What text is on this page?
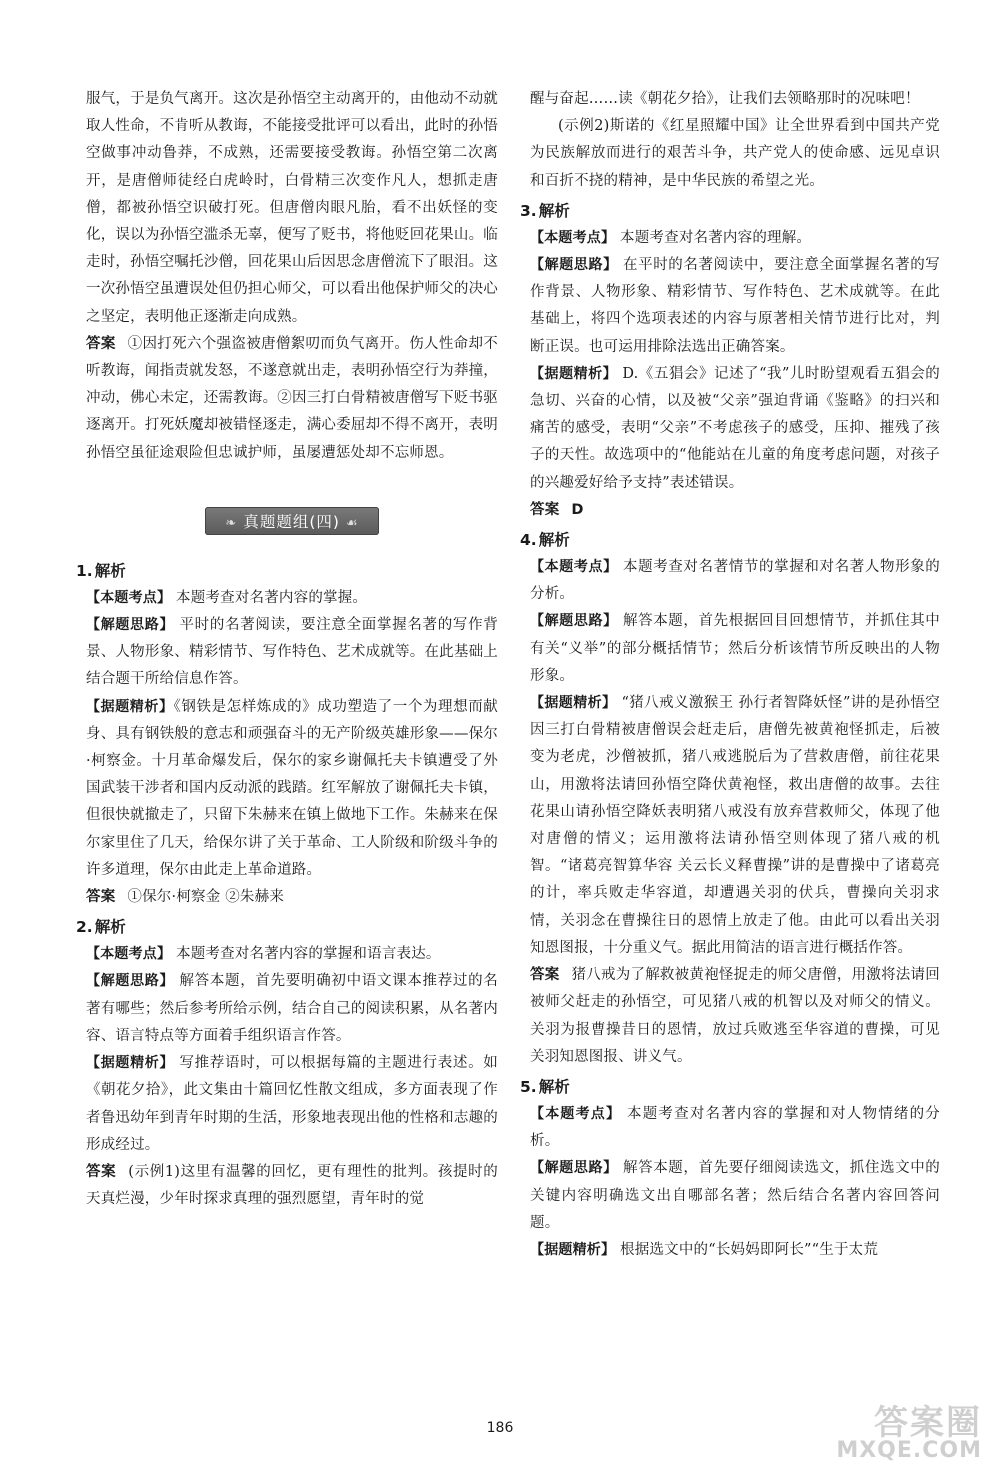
服气，于是负气离开。这次是孙悟空主动离开的，由他动不动就取人性命，不肯听从教诲，不能接受批评可以看出，此时的孙悟空做事冲动鲁莽，不成熟，还需要接受教诲。孙悟空第二次离开，是唐僧师徒经白虎岭时，白骨精三次变作凡人，想抓走唐僧，都被孙悟空识破打死。但唐僧肉眼凡胎，看不出妖怪的变化，误以为孙悟空滥杀无辜，便写了贬书，将他贬回花果山。临走时，孙悟空嘱托沙僧，回花果山后因思念唐僧流下了眼泪。这一次孙悟空虽遭误处但仍担心师父，可以看出他保护师父的决心之坚定，表明他正逐渐走向成熟。

答案 ①因打死六个强盗被唐僧絮叨而负气离开。伤人性命却不听教诲，闻指责就发怒，不遂意就出走，表明孙悟空行为莽撞，冲动，佛心未定，还需教诲。②因三打白骨精被唐僧写下贬书驱逐离开。打死妖魔却被错怪逐走，满心委屈却不得不离开，表明孙悟空虽征途艰险但忠诚护师，虽屡遭惩处却不忘师恩。

❧ 真题题组(四) ☙
1. 解析

【本题考点】 本题考查对名著内容的掌握。

【解题思路】 平时的名著阅读，要注意全面掌握名著的写作背景、人物形象、精彩情节、写作特色、艺术成就等。在此基础上结合题干所给信息作答。

【据题精析】《钢铁是怎样炼成的》成功塑造了一个为理想而献身、具有钢铁般的意志和顽强奋斗的无产阶级英雄形象——保尔·柯察金。十月革命爆发后，保尔的家乡谢佩托夫卡镇遭受了外国武装干涉者和国内反动派的践踏。红军解放了谢佩托夫卡镇，但很快就撤走了，只留下朱赫来在镇上做地下工作。朱赫来在保尔家里住了几天，给保尔讲了关于革命、工人阶级和阶级斗争的许多道理，保尔由此走上革命道路。

答案 ①保尔·柯察金 ②朱赫来

2. 解析

【本题考点】 本题考查对名著内容的掌握和语言表达。

【解题思路】 解答本题，首先要明确初中语文课本推荐过的名著有哪些；然后参考所给示例，结合自己的阅读积累，从名著内容、语言特点等方面着手组织语言作答。

【据题精析】 写推荐语时，可以根据每篇的主题进行表述。如《朝花夕拾》，此文集由十篇回忆性散文组成，多方面表现了作者鲁迅幼年到青年时期的生活，形象地表现出他的性格和志趣的形成经过。

答案 (示例1)这里有温馨的回忆，更有理性的批判。孩提时的天真烂漫，少年时探求真理的强烈愿望，青年时的觉

醒与奋起……读《朝花夕拾》，让我们去领略那时的况味吧！

(示例2)斯诺的《红星照耀中国》让全世界看到中国共产党为民族解放而进行的艰苦斗争，共产党人的使命感、远见卓识和百折不挠的精神，是中华民族的希望之光。

3. 解析

【本题考点】 本题考查对名著内容的理解。

【解题思路】 在平时的名著阅读中，要注意全面掌握名著的写作背景、人物形象、精彩情节、写作特色、艺术成就等。在此基础上，将四个选项表述的内容与原著相关情节进行比对，判断正误。也可运用排除法选出正确答案。

【据题精析】 D.《五猖会》记述了“我”儿时盼望观看五猖会的急切、兴奋的心情，以及被“父亲”强迫背诵《鉴略》的扫兴和痛苦的感受，表明“父亲”不考虑孩子的感受，压抑、摧残了孩子的天性。故选项中的“他能站在儿童的角度考虑问题，对孩子的兴趣爱好给予支持”表述错误。

答案 D

4. 解析

【本题考点】 本题考查对名著情节的掌握和对名著人物形象的分析。

【解题思路】 解答本题，首先根据回目回想情节，并抓住其中有关“义举”的部分概括情节；然后分析该情节所反映出的人物形象。

【据题精析】 “猪八戒义激猴王 孙行者智降妖怪”讲的是孙悟空因三打白骨精被唐僧误会赶走后，唐僧先被黄袍怪抓走，后被变为老虎，沙僧被抓，猪八戒逃脱后为了营救唐僧，前往花果山，用激将法请回孙悟空降伏黄袍怪，救出唐僧的故事。去往花果山请孙悟空降妖表明猪八戒没有放弃营救师父，体现了他对唐僧的情义；运用激将法请孙悟空则体现了猪八戒的机智。“诸葛亮智算华容 关云长义释曹操”讲的是曹操中了诸葛亮的计，率兵败走华容道，却遭遇关羽的伏兵，曹操向关羽求情，关羽念在曹操往日的恩情上放走了他。由此可以看出关羽知恩图报，十分重义气。据此用简洁的语言进行概括作答。

答案 猪八戒为了解救被黄袍怪捉走的师父唐僧，用激将法请回被师父赶走的孙悟空，可见猪八戒的机智以及对师父的情义。关羽为报曹操昔日的恩情，放过兵败逃至华容道的曹操，可见关羽知恩图报、讲义气。

5. 解析

【本题考点】 本题考查对名著内容的掌握和对人物情绪的分析。

【解题思路】 解答本题，首先要仔细阅读选文，抓住选文中的关键内容明确选文出自哪部名著；然后结合名著内容回答问题。

【据题精析】 根据选文中的“长妈妈即阿长”“生于太荒

186	答案圈
MXQE.COM
